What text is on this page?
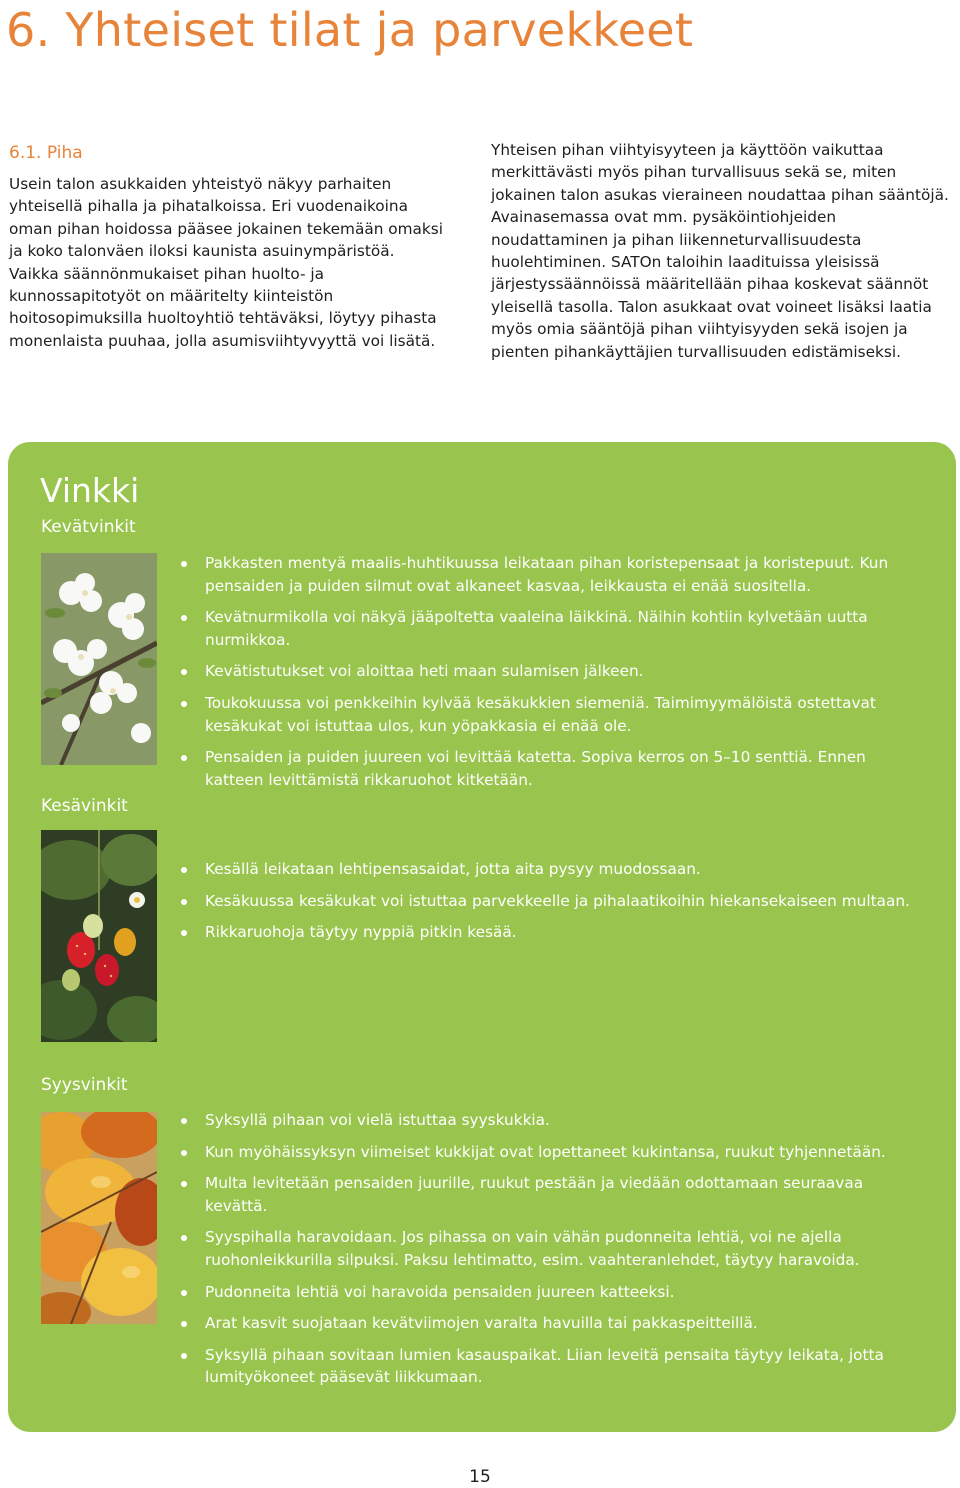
6. Yhteiset tilat ja parvekkeet
6.1. Piha

Usein talon asukkaiden yhteistyö näkyy parhaiten yhteisellä pihalla ja pihatalkoissa. Eri vuodenaikoina oman pihan hoidossa pääsee jokainen tekemään omaksi ja koko talonväen iloksi kaunista asuinympäristöä. Vaikka säännönmukaiset pihan huolto- ja kunnossapitotyöt on määritelty kiinteistön hoitosopimuksilla huoltoyhtiö tehtäväksi, löytyy pihasta monenlaista puuhaa, jolla asumisviihtyvyyttä voi lisätä.

Yhteisen pihan viihtyisyyteen ja käyttöön vaikuttaa merkittävästi myös pihan turvallisuus sekä se, miten jokainen talon asukas vieraineen noudattaa pihan sääntöjä. Avainasemassa ovat mm. pysäköintiohjeiden noudattaminen ja pihan liikenneturvallisuudesta huolehtiminen. SATOn taloihin laadituissa yleisissä järjestyssäännöissä määritellään pihaa koskevat säännöt yleisellä tasolla. Talon asukkaat ovat voineet lisäksi laatia myös omia sääntöjä pihan viihtyisyyden sekä isojen ja pienten pihankäyttäjien turvallisuuden edistämiseksi.

Vinkki
Kevätvinkit
Pakkasten mentyä maalis-huhtikuussa leikataan pihan koristepensaat ja koristepuut. Kun pensaiden ja puiden silmut ovat alkaneet kasvaa, leikkausta ei enää suositella.
Kevätnurmikolla voi näkyä jääpoltetta vaaleina läikkinä. Näihin kohtiin kylvetään uutta nurmikkoa.
Kevätistutukset voi aloittaa heti maan sulamisen jälkeen.
Toukokuussa voi penkkeihin kylvää kesäkukkien siemeniä. Taimimyymälöistä ostettavat kesäkukat voi istuttaa ulos, kun yöpakkasia ei enää ole.
Pensaiden ja puiden juureen voi levittää katetta. Sopiva kerros on 5–10 senttiä. Ennen katteen levittämistä rikkaruohot kitketään.
Kesävinkit
Kesällä leikataan lehtipensasaidat, jotta aita pysyy muodossaan.
Kesäkuussa kesäkukat voi istuttaa parvekkeelle ja pihalaatikoihin hiekansekaiseen multaan.
Rikkaruohoja täytyy nyppiä pitkin kesää.
Syysvinkit
Syksyllä pihaan voi vielä istuttaa syyskukkia.
Kun myöhäissyksyn viimeiset kukkijat ovat lopettaneet kukintansa, ruukut tyhjennetään.
Multa levitetään pensaiden juurille, ruukut pestään ja viedään odottamaan seuraavaa kevättä.
Syyspihalla haravoidaan. Jos pihassa on vain vähän pudonneita lehtiä, voi ne ajella ruohonleikkurilla silpuksi. Paksu lehtimatto, esim. vaahteranlehdet, täytyy haravoida.
Pudonneita lehtiä voi haravoida pensaiden juureen katteeksi.
Arat kasvit suojataan kevätviimojen varalta havuilla tai pakkaspeitteillä.
Syksyllä pihaan sovitaan lumien kasauspaikat. Liian leveitä pensaita täytyy leikata, jotta lumityökoneet pääsevät liikkumaan.
15
